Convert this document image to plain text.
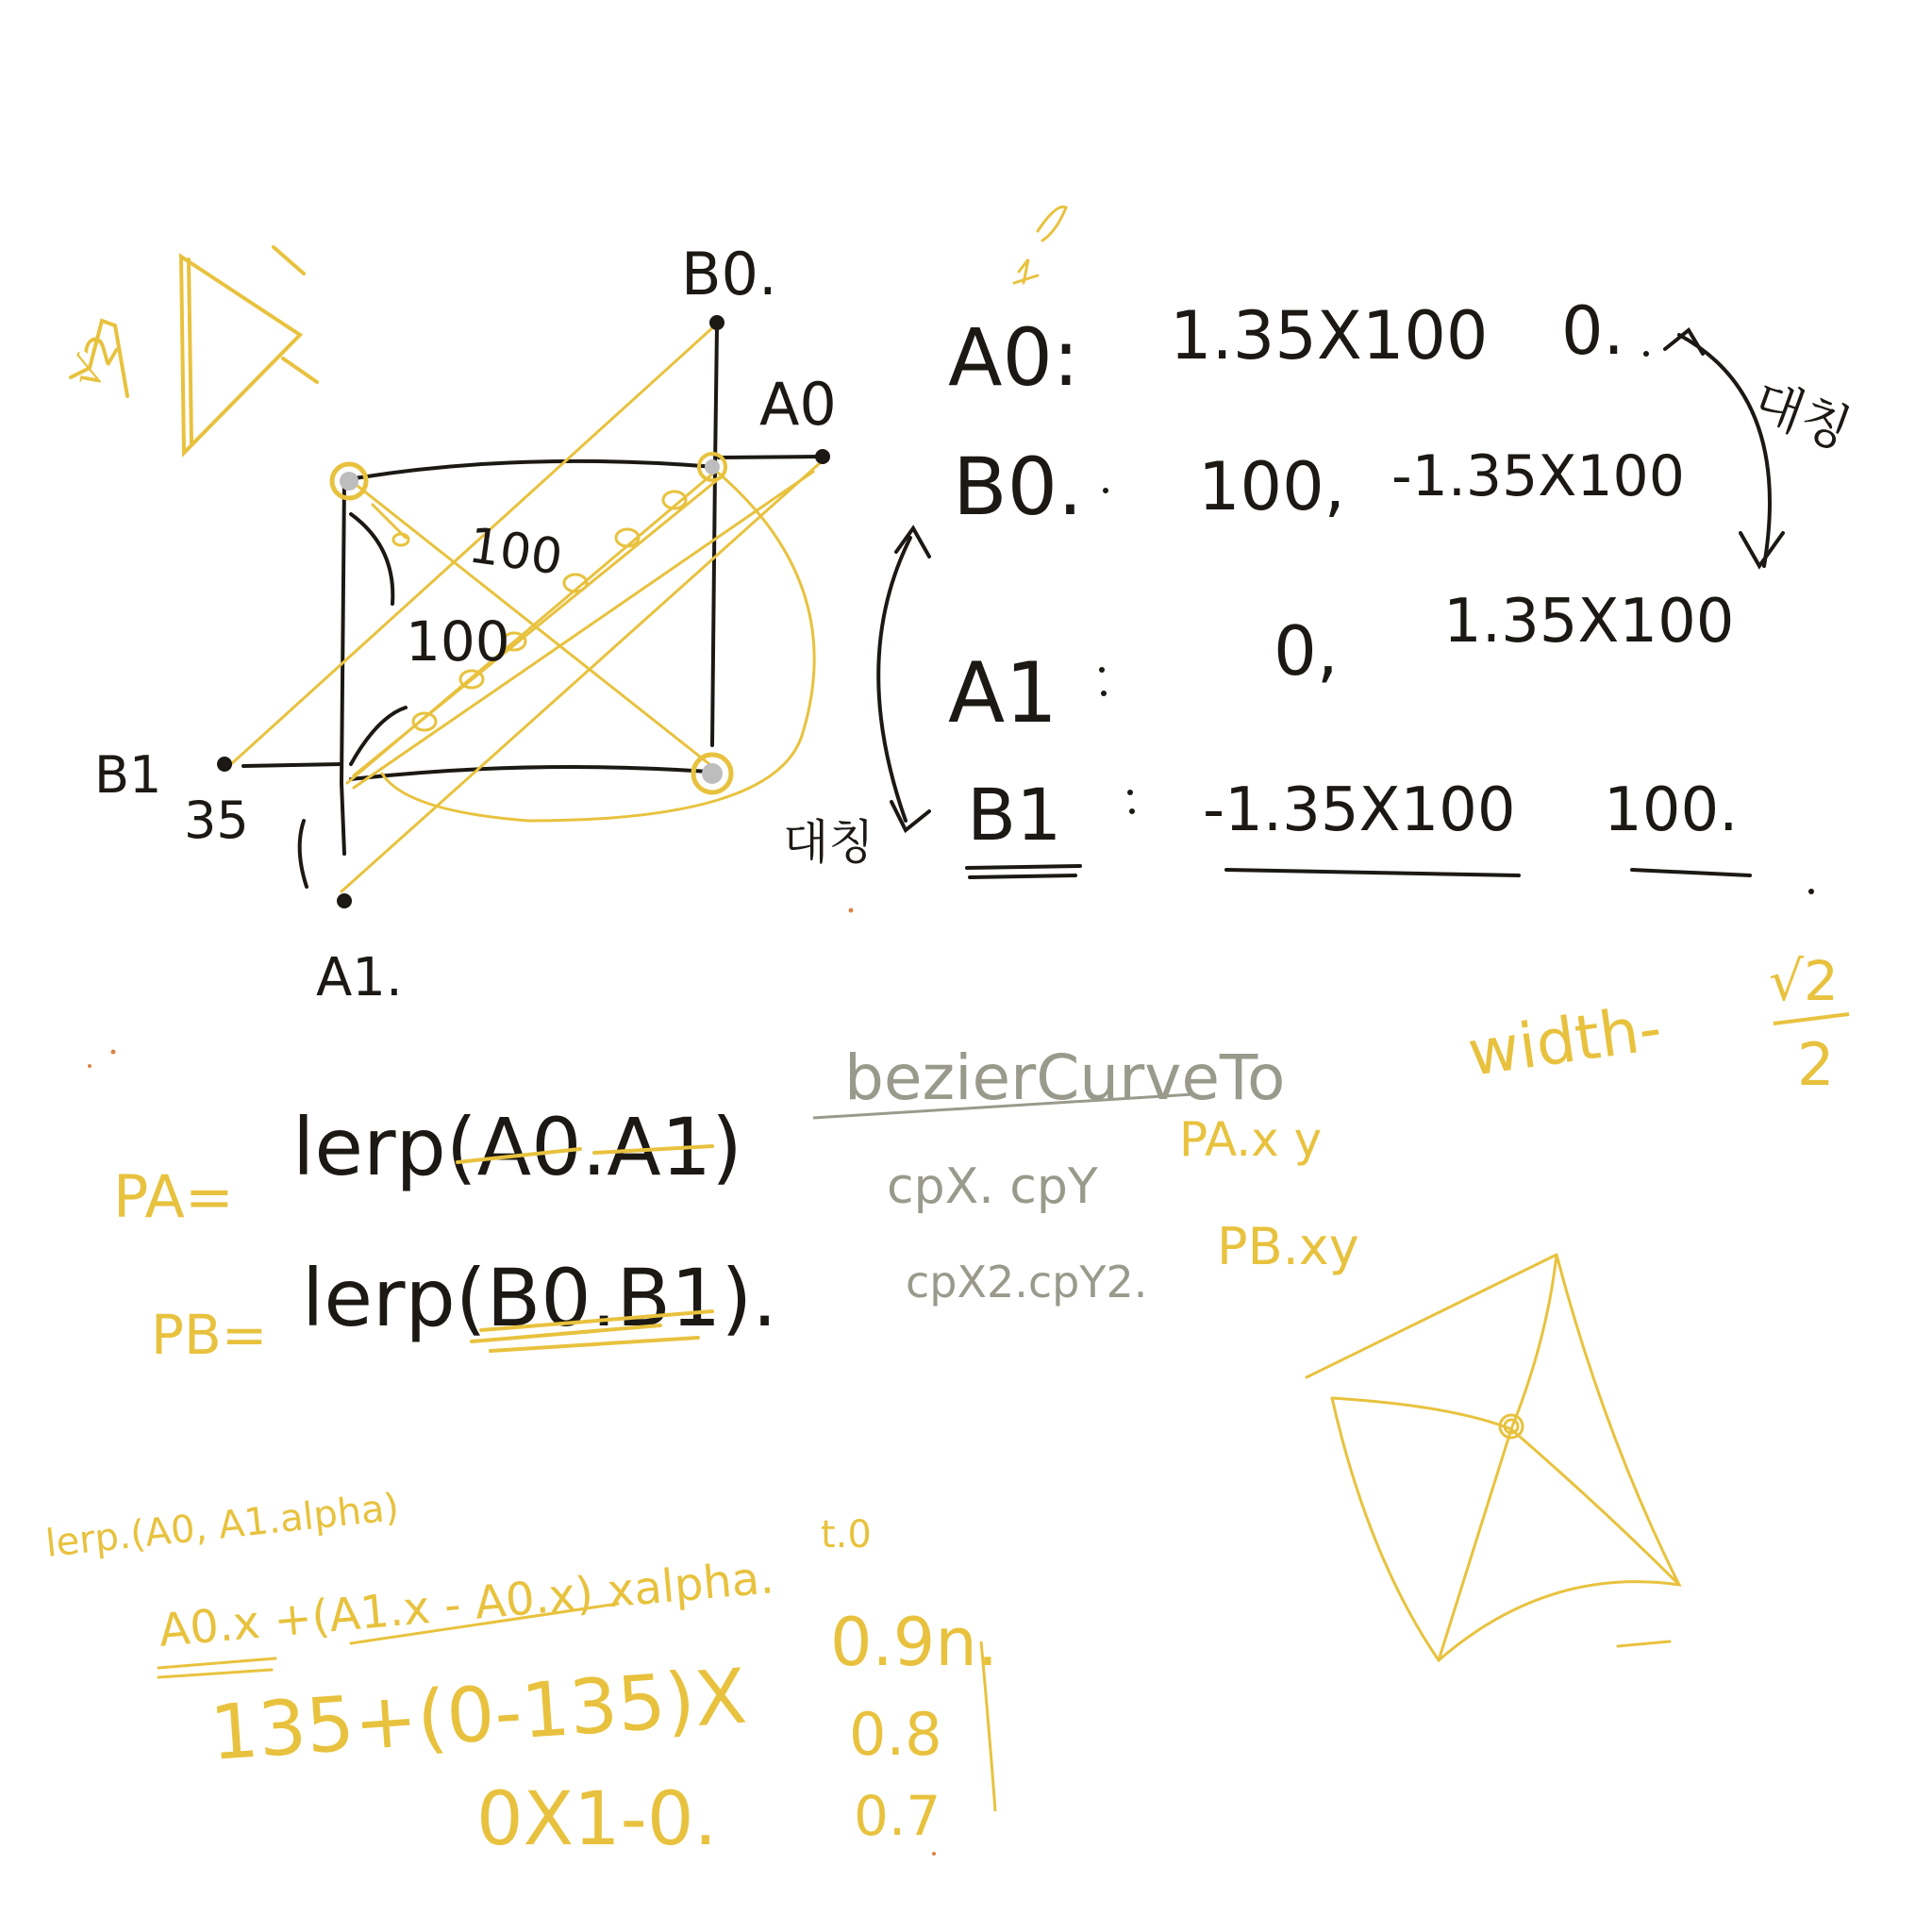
√2
B0.
A0
B1
A1.
100
100
35
A0: 1.35X100 0.
B0. 100, -1.35X100
A1	0, 1.35X100
B1 -1.35X100 100.
대칭
대칭
PA=
lerp(A0.A1)
PB= lerp(B0.B1).
bezierCurveTo
cpX. cpY
PA.x y
cpX2.cpY2.
PB.xy
width-
√2
2
lerp.(A0, A1.alpha)	t.0
A0.x +(A1.x - A0.x) xalpha.
135+(0-135)X
0X1-0.
0.9n.
0.8
0.7
